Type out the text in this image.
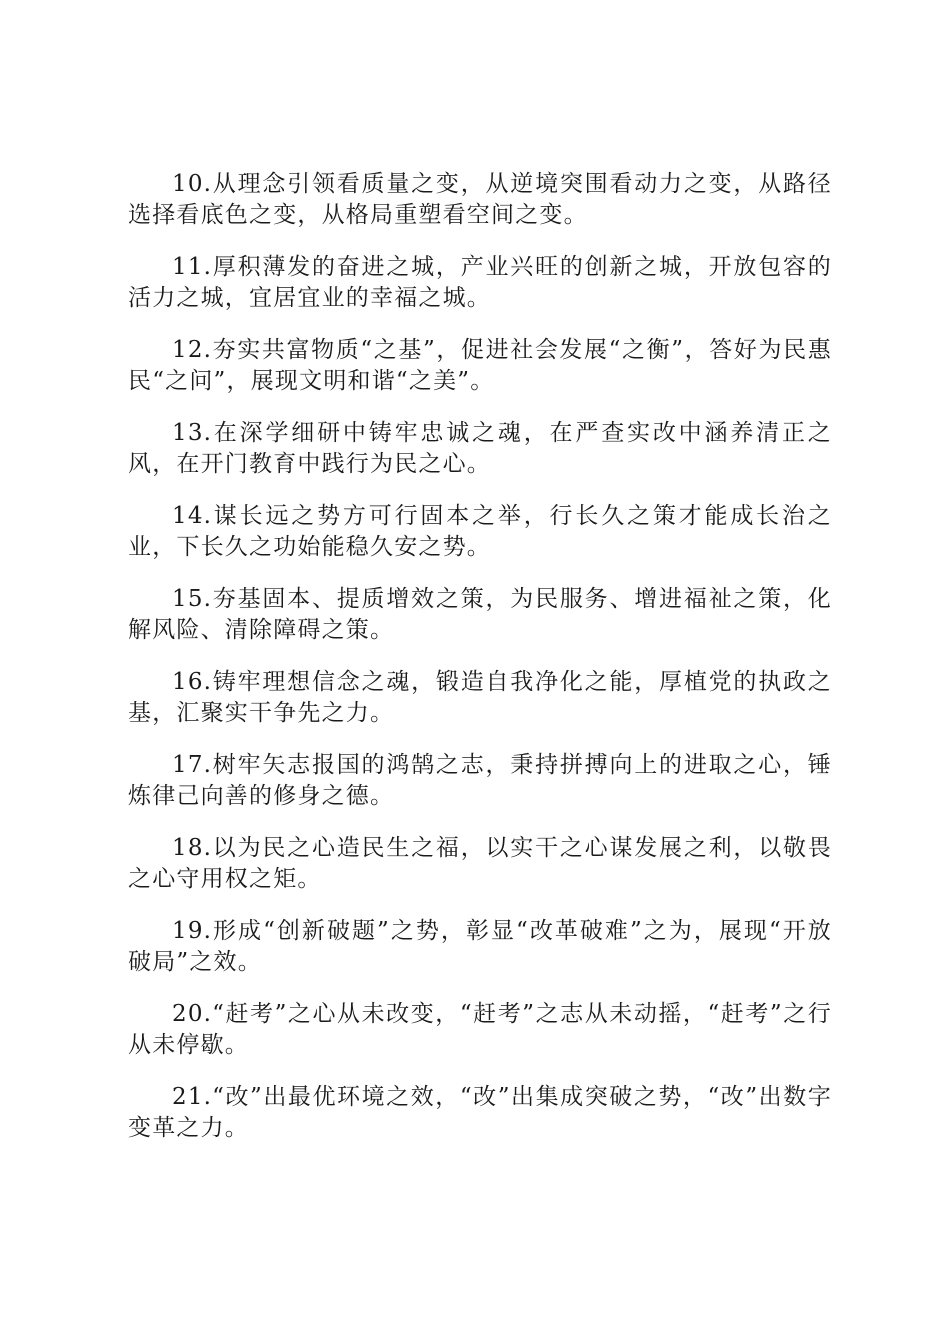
10.从理念引领看质量之变，从逆境突围看动力之变，从路径选择看底色之变，从格局重塑看空间之变。

11.厚积薄发的奋进之城，产业兴旺的创新之城，开放包容的活力之城，宜居宜业的幸福之城。

12.夯实共富物质“之基”，促进社会发展“之衡”，答好为民惠民“之问”，展现文明和谐“之美”。

13.在深学细研中铸牢忠诚之魂，在严查实改中涵养清正之风，在开门教育中践行为民之心。

14.谋长远之势方可行固本之举，行长久之策才能成长治之业，下长久之功始能稳久安之势。

15.夯基固本、提质增效之策，为民服务、增进福祉之策，化解风险、清除障碍之策。

16.铸牢理想信念之魂，锻造自我净化之能，厚植党的执政之基，汇聚实干争先之力。

17.树牢矢志报国的鸿鹄之志，秉持拼搏向上的进取之心，锤炼律己向善的修身之德。

18.以为民之心造民生之福，以实干之心谋发展之利，以敬畏之心守用权之矩。

19.形成“创新破题”之势，彰显“改革破难”之为，展现“开放破局”之效。

20.“赶考”之心从未改变，“赶考”之志从未动摇，“赶考”之行从未停歇。

21.“改”出最优环境之效，“改”出集成突破之势，“改”出数字变革之力。
